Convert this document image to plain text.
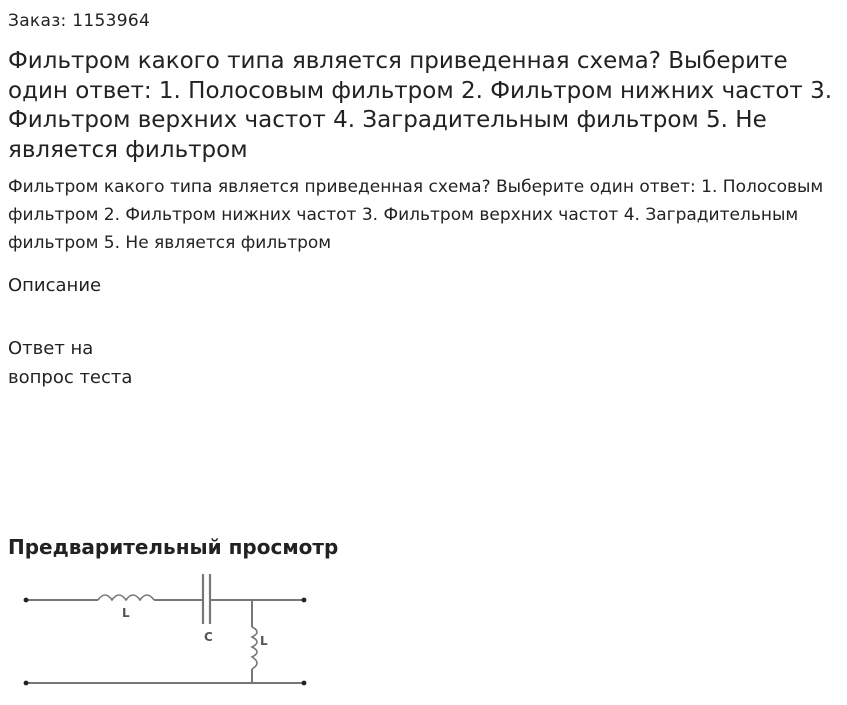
Заказ: 1153964
Фильтром какого типа является приведенная схема? Выберите один ответ: 1. Полосовым фильтром 2. Фильтром нижних частот 3. Фильтром верхних частот 4. Заградительным фильтром 5. Не является фильтром

Фильтром какого типа является приведенная схема? Выберите один ответ: 1. Полосовым фильтром 2. Фильтром нижних частот 3. Фильтром верхних частот 4. Заградительным фильтром 5. Не является фильтром

Описание
Ответ на
вопрос теста
Предварительный просмотр
L
C	L
